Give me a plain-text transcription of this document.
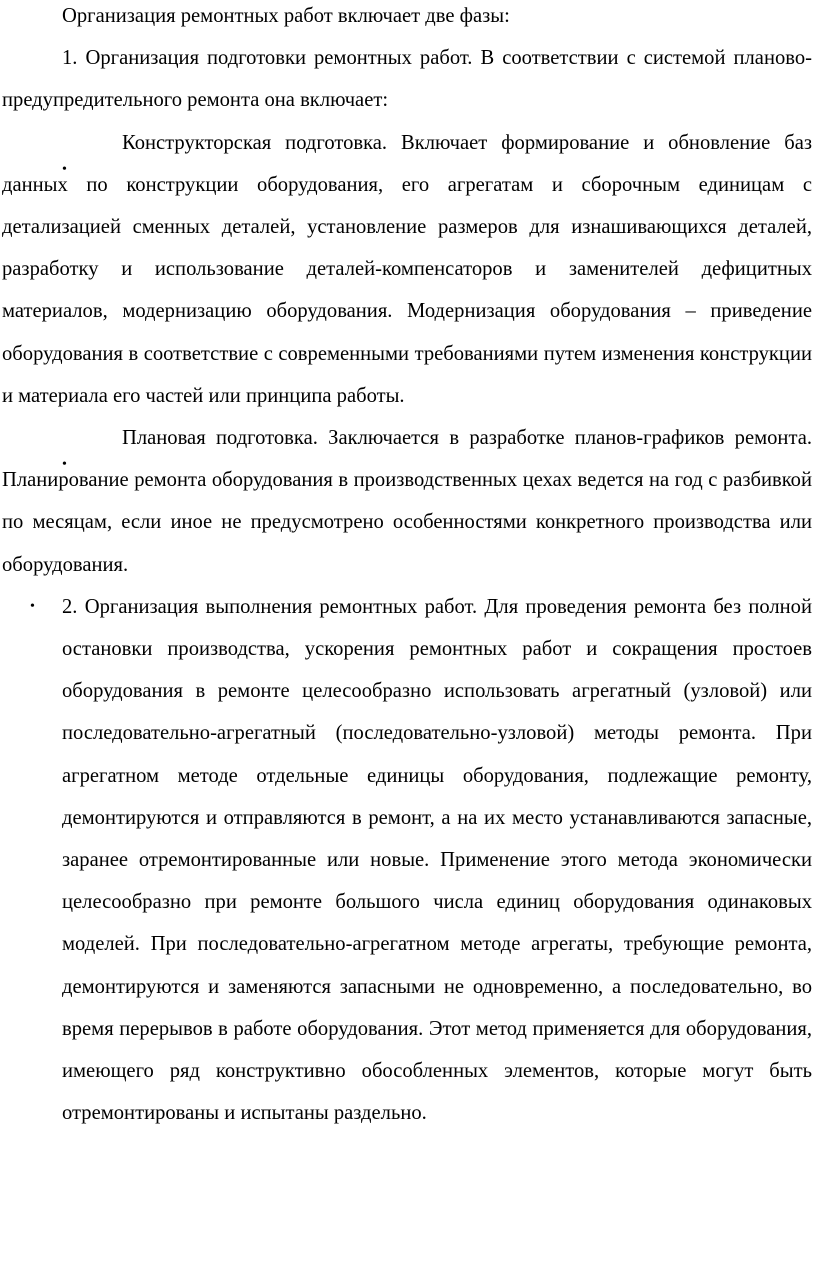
Организация ремонтных работ включает две фазы:

1. Организация подготовки ремонтных работ. В соответствии с системой планово-предупредительного ремонта она включает:

•
Конструкторская подготовка. Включает формирование и обновление баз данных по конструкции оборудования, его агрегатам и сборочным единицам с детализацией сменных деталей, установление размеров для изнашивающихся деталей, разработку и использование деталей-компенсаторов и заменителей дефицитных материалов, модернизацию оборудования. Модернизация оборудования – приведение оборудования в соответствие с современными требованиями путем изменения конструкции и материала его частей или принципа работы.

•
Плановая подготовка. Заключается в разработке планов-графиков ремонта. Планирование ремонта оборудования в производственных цехах ведется на год с разбивкой по месяцам, если иное не предусмотрено особенностями конкретного производства или оборудования.

• 2. Организация выполнения ремонтных работ. Для проведения ремонта без полной остановки производства, ускорения ремонтных работ и сокращения простоев оборудования в ремонте целесообразно использовать агрегатный (узловой) или последовательно-агрегатный (последовательно-узловой) методы ремонта. При агрегатном методе отдельные единицы оборудования, подлежащие ремонту, демонтируются и отправляются в ремонт, а на их место устанавливаются запасные, заранее отремонтированные или новые. Применение этого метода экономически целесообразно при ремонте большого числа единиц оборудования одинаковых моделей. При последовательно-агрегатном методе агрегаты, требующие ремонта, демонтируются и заменяются запасными не одновременно, а последовательно, во время перерывов в работе оборудования. Этот метод применяется для оборудования, имеющего ряд конструктивно обособленных элементов, которые могут быть отремонтированы и испытаны раздельно.
